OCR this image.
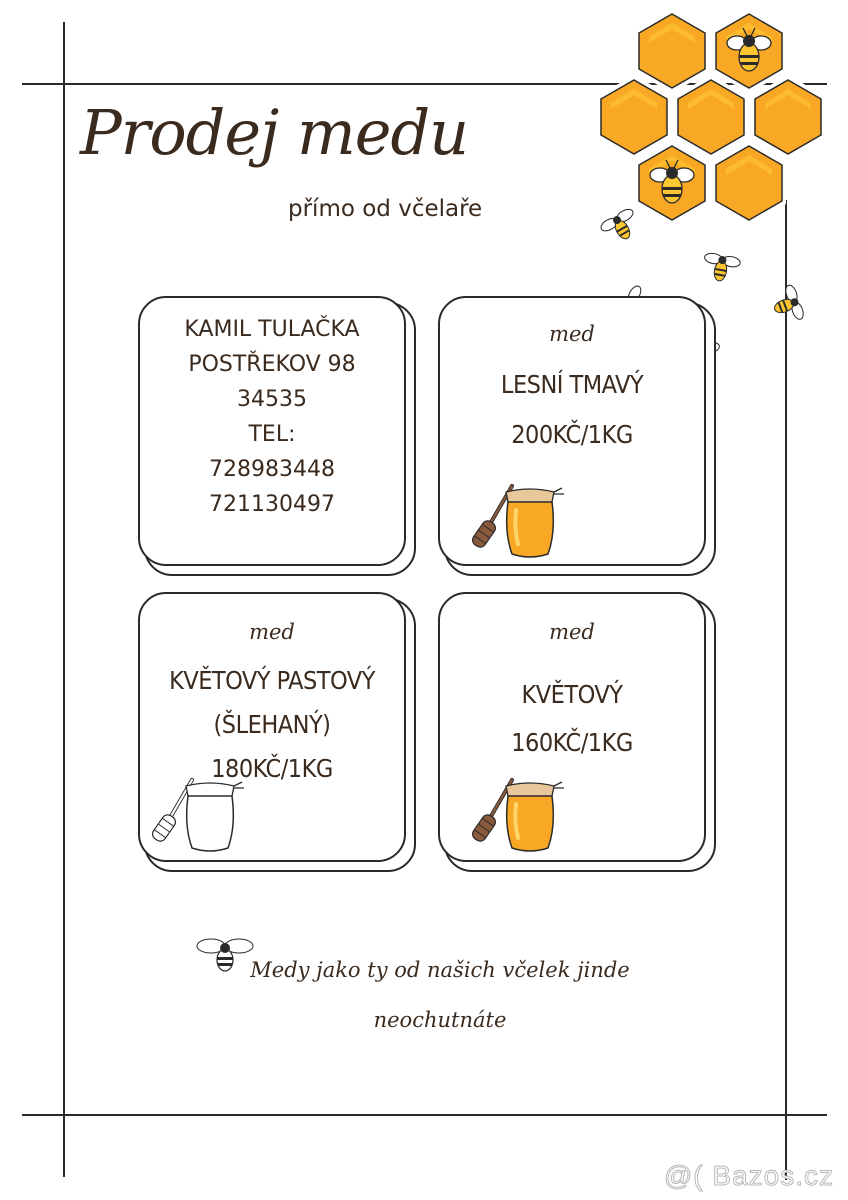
Prodej medu
přímo od včelaře
KAMIL TULAČKA
POSTŘEKOV 98
34535
TEL:
728983448
721130497
med
LESNÍ TMAVÝ
200KČ/1KG
med
KVĚTOVÝ PASTOVÝ
(ŠLEHANÝ)
180KČ/1KG
med
KVĚTOVÝ
160KČ/1KG
Medy jako ty od našich včelek jinde
neochutnáte
@( Bazos.cz
